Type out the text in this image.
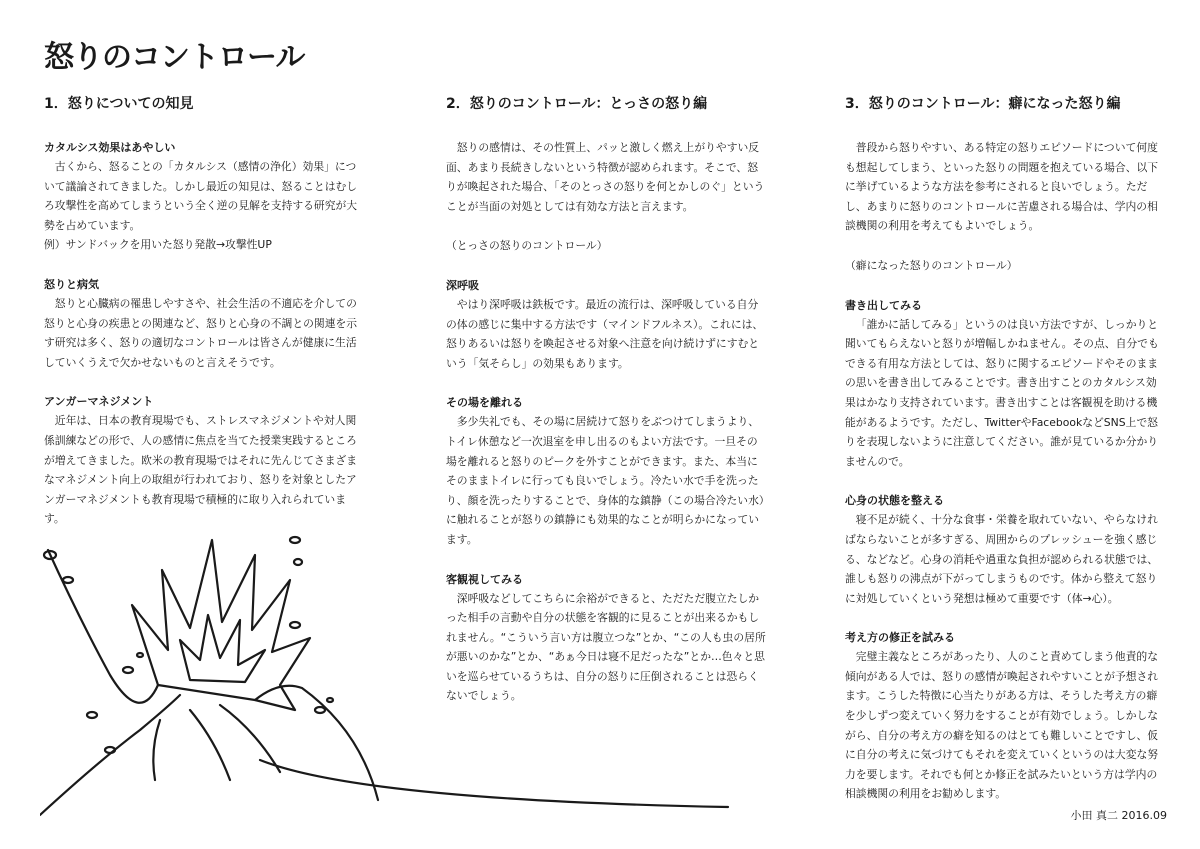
怒りのコントロール
1．怒りについての知見

カタルシス効果はあやしい

古くから、怒ることの「カタルシス（感情の浄化）効果」について議論されてきました。しかし最近の知見は、怒ることはむしろ攻撃性を高めてしまうという全く逆の見解を支持する研究が大勢を占めています。

例）サンドバックを用いた怒り発散→攻撃性UP

怒りと病気

怒りと心臓病の罹患しやすさや、社会生活の不適応を介しての怒りと心身の疾患との関連など、怒りと心身の不調との関連を示す研究は多く、怒りの適切なコントロールは皆さんが健康に生活していくうえで欠かせないものと言えそうです。

アンガーマネジメント

近年は、日本の教育現場でも、ストレスマネジメントや対人関係訓練などの形で、人の感情に焦点を当てた授業実践するところが増えてきました。欧米の教育現場ではそれに先んじてさまざまなマネジメント向上の取組が行われており、怒りを対象としたアンガーマネジメントも教育現場で積極的に取り入れられています。

2．怒りのコントロール：とっさの怒り編

怒りの感情は、その性質上、パッと激しく燃え上がりやすい反面、あまり長続きしないという特徴が認められます。そこで、怒りが喚起された場合、「そのとっさの怒りを何とかしのぐ」ということが当面の対処としては有効な方法と言えます。

（とっさの怒りのコントロール）

深呼吸

やはり深呼吸は鉄板です。最近の流行は、深呼吸している自分の体の感じに集中する方法です（マインドフルネス）。これには、怒りあるいは怒りを喚起させる対象へ注意を向け続けずにすむという「気そらし」の効果もあります。

その場を離れる

多少失礼でも、その場に居続けて怒りをぶつけてしまうより、トイレ休憩など一次退室を申し出るのもよい方法です。一旦その場を離れると怒りのピークを外すことができます。また、本当にそのままトイレに行っても良いでしょう。冷たい水で手を洗ったり、顔を洗ったりすることで、身体的な鎮静（この場合冷たい水）に触れることが怒りの鎮静にも効果的なことが明らかになっています。

客観視してみる

深呼吸などしてこちらに余裕ができると、ただただ腹立たしかった相手の言動や自分の状態を客観的に見ることが出来るかもしれません。“こういう言い方は腹立つな”とか、“この人も虫の居所が悪いのかな”とか、“あぁ今日は寝不足だったな”とか…色々と思いを巡らせているうちは、自分の怒りに圧倒されることは恐らくないでしょう。

3．怒りのコントロール：癖になった怒り編

普段から怒りやすい、ある特定の怒りエピソードについて何度も想起してしまう、といった怒りの問題を抱えている場合、以下に挙げているような方法を参考にされると良いでしょう。ただし、あまりに怒りのコントロールに苦慮される場合は、学内の相談機関の利用を考えてもよいでしょう。

（癖になった怒りのコントロール）

書き出してみる

「誰かに話してみる」というのは良い方法ですが、しっかりと聞いてもらえないと怒りが増幅しかねません。その点、自分でもできる有用な方法としては、怒りに関するエピソードやそのままの思いを書き出してみることです。書き出すことのカタルシス効果はかなり支持されています。書き出すことは客観視を助ける機能があるようです。ただし、TwitterやFacebookなどSNS上で怒りを表現しないように注意してください。誰が見ているか分かりませんので。

心身の状態を整える

寝不足が続く、十分な食事・栄養を取れていない、やらなければならないことが多すぎる、周囲からのプレッシューを強く感じる、などなど。心身の消耗や過重な負担が認められる状態では、誰しも怒りの沸点が下がってしまうものです。体から整えて怒りに対処していくという発想は極めて重要です（体→心）。

考え方の修正を試みる

完璧主義なところがあったり、人のこと責めてしまう他責的な傾向がある人では、怒りの感情が喚起されやすいことが予想されます。こうした特徴に心当たりがある方は、そうした考え方の癖を少しずつ変えていく努力をすることが有効でしょう。しかしながら、自分の考え方の癖を知るのはとても難しいことですし、仮に自分の考えに気づけてもそれを変えていくというのは大変な努力を要します。それでも何とか修正を試みたいという方は学内の相談機関の利用をお勧めします。

小田 真二 2016.09
